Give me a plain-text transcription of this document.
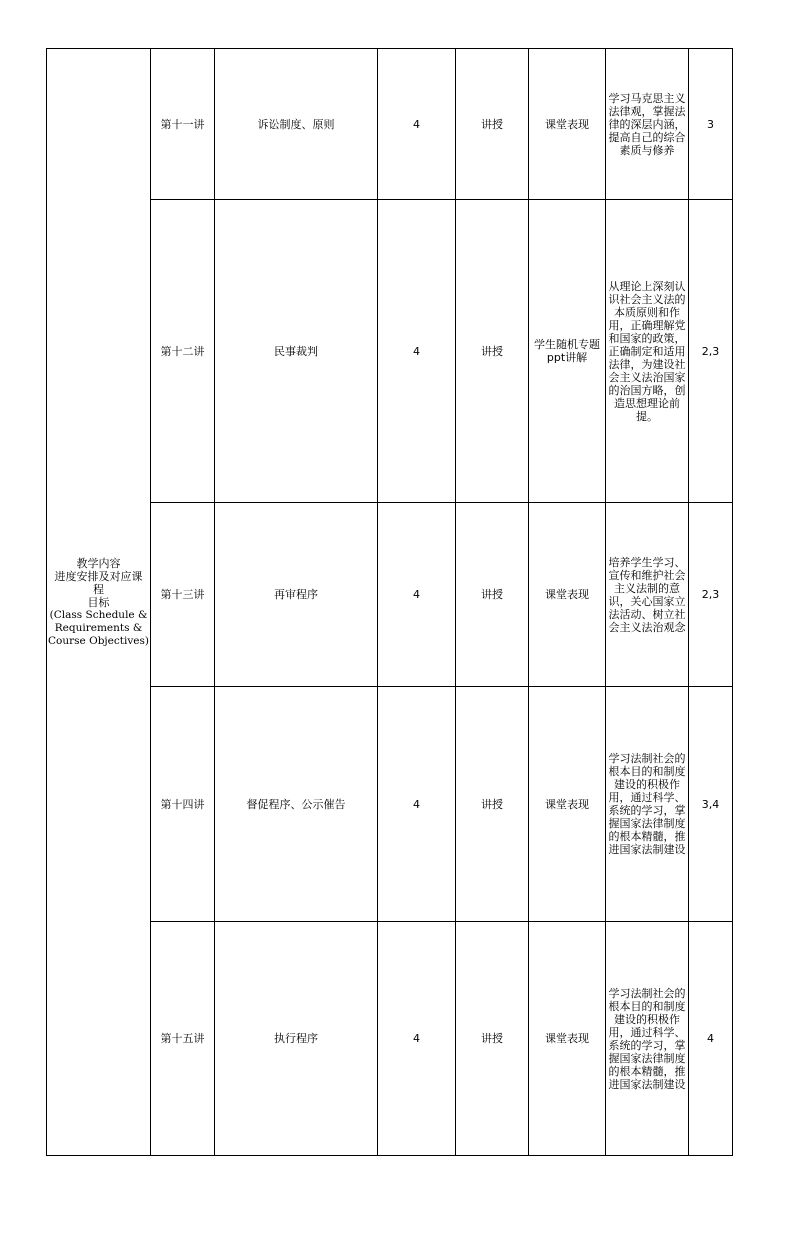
教学内容
进度安排及对应课
程
目标
(Class Schedule & Requirements & Course Objectives)	第十一讲	诉讼制度、原则	4	讲授	课堂表现	学习马克思主义法律观，掌握法律的深层内涵，提高自己的综合素质与修养	3
	第十二讲	民事裁判	4	讲授	学生随机专题ppt讲解	从理论上深刻认识社会主义法的本质原则和作用，正确理解党和国家的政策，正确制定和适用法律，为建设社会主义法治国家的治国方略，创造思想理论前提。	2,3
	第十三讲	再审程序	4	讲授	课堂表现	培养学生学习、宣传和维护社会主义法制的意识，关心国家立法活动、树立社会主义法治观念	2,3
	第十四讲	督促程序、公示催告	4	讲授	课堂表现	学习法制社会的根本目的和制度建设的积极作用，通过科学、系统的学习，掌握国家法律制度的根本精髓，推进国家法制建设	3,4
	第十五讲	执行程序	4	讲授	课堂表现	学习法制社会的根本目的和制度建设的积极作用，通过科学、系统的学习，掌握国家法律制度的根本精髓，推进国家法制建设	4
